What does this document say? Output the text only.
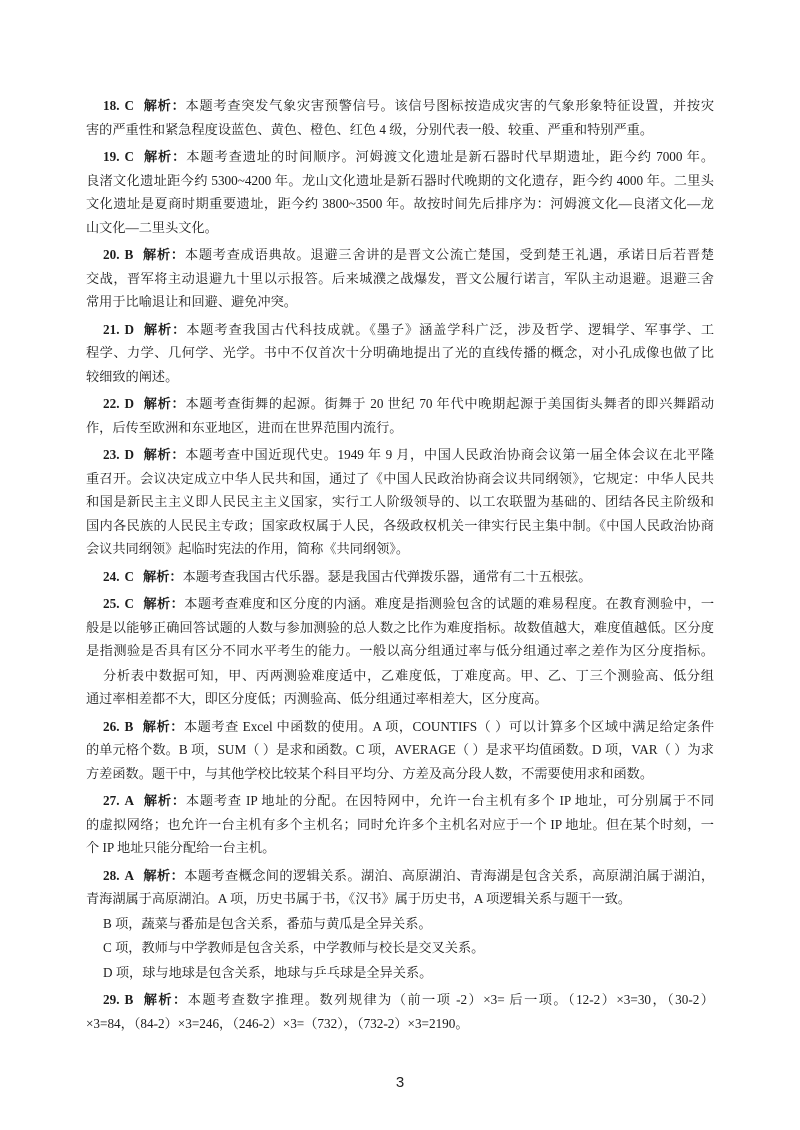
18. C 解析：本题考查突发气象灾害预警信号。该信号图标按造成灾害的气象形象特征设置，并按灾
害的严重性和紧急程度设蓝色、黄色、橙色、红色 4 级，分别代表一般、较重、严重和特别严重。
19. C 解析：本题考查遗址的时间顺序。河姆渡文化遗址是新石器时代早期遗址，距今约 7000 年。
良渚文化遗址距今约 5300~4200 年。龙山文化遗址是新石器时代晚期的文化遗存，距今约 4000 年。二里头
文化遗址是夏商时期重要遗址，距今约 3800~3500 年。故按时间先后排序为：河姆渡文化—良渚文化—龙
山文化—二里头文化。
20. B 解析：本题考查成语典故。退避三舍讲的是晋文公流亡楚国，受到楚王礼遇，承诺日后若晋楚
交战，晋军将主动退避九十里以示报答。后来城濮之战爆发，晋文公履行诺言，军队主动退避。退避三舍
常用于比喻退让和回避、避免冲突。
21. D 解析：本题考查我国古代科技成就。《墨子》涵盖学科广泛，涉及哲学、逻辑学、军事学、工
程学、力学、几何学、光学。书中不仅首次十分明确地提出了光的直线传播的概念，对小孔成像也做了比
较细致的阐述。
22. D 解析：本题考查街舞的起源。街舞于 20 世纪 70 年代中晚期起源于美国街头舞者的即兴舞蹈动
作，后传至欧洲和东亚地区，进而在世界范围内流行。
23. D 解析：本题考查中国近现代史。1949 年 9 月，中国人民政治协商会议第一届全体会议在北平隆
重召开。会议决定成立中华人民共和国，通过了《中国人民政治协商会议共同纲领》，它规定：中华人民共
和国是新民主主义即人民民主主义国家，实行工人阶级领导的、以工农联盟为基础的、团结各民主阶级和
国内各民族的人民民主专政；国家政权属于人民，各级政权机关一律实行民主集中制。《中国人民政治协商
会议共同纲领》起临时宪法的作用，简称《共同纲领》。
24. C 解析：本题考查我国古代乐器。瑟是我国古代弹拨乐器，通常有二十五根弦。
25. C 解析：本题考查难度和区分度的内涵。难度是指测验包含的试题的难易程度。在教育测验中，一
般是以能够正确回答试题的人数与参加测验的总人数之比作为难度指标。故数值越大，难度值越低。区分度
是指测验是否具有区分不同水平考生的能力。一般以高分组通过率与低分组通过率之差作为区分度指标。
分析表中数据可知，甲、丙两测验难度适中，乙难度低，丁难度高。甲、乙、丁三个测验高、低分组
通过率相差都不大，即区分度低；丙测验高、低分组通过率相差大，区分度高。
26. B 解析：本题考查 Excel 中函数的使用。A 项，COUNTIFS（ ）可以计算多个区域中满足给定条件
的单元格个数。B 项，SUM（ ）是求和函数。C 项，AVERAGE（ ）是求平均值函数。D 项，VAR（ ）为求
方差函数。题干中，与其他学校比较某个科目平均分、方差及高分段人数，不需要使用求和函数。
27. A 解析：本题考查 IP 地址的分配。在因特网中，允许一台主机有多个 IP 地址，可分别属于不同
的虚拟网络；也允许一台主机有多个主机名；同时允许多个主机名对应于一个 IP 地址。但在某个时刻，一
个 IP 地址只能分配给一台主机。
28. A 解析：本题考查概念间的逻辑关系。湖泊、高原湖泊、青海湖是包含关系，高原湖泊属于湖泊，
青海湖属于高原湖泊。A 项，历史书属于书，《汉书》属于历史书，A 项逻辑关系与题干一致。
B 项，蔬菜与番茄是包含关系，番茄与黄瓜是全异关系。
C 项，教师与中学教师是包含关系，中学教师与校长是交叉关系。
D 项，球与地球是包含关系，地球与乒乓球是全异关系。
29. B 解析：本题考查数字推理。数列规律为（前一项 -2）×3= 后一项。（12-2）×3=30，（30-2）
×3=84，（84-2）×3=246，（246-2）×3=（732），（732-2）×3=2190。
3
